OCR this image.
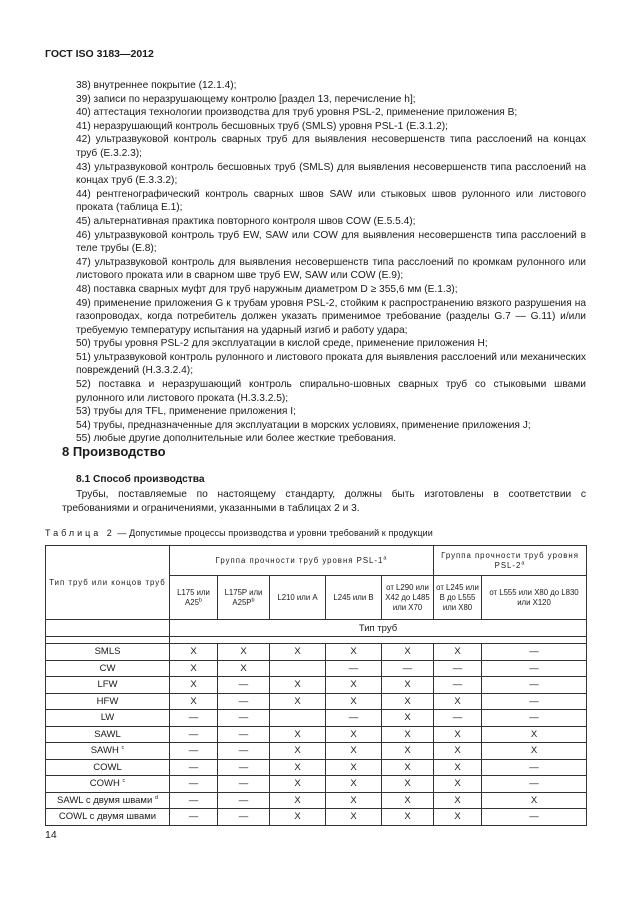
ГОСТ ISO 3183—2012

38) внутреннее покрытие (12.1.4);

39) записи по неразрушающему контролю [раздел 13, перечисление h];

40) аттестация технологии производства для труб уровня PSL-2, применение приложения B;

41) неразрушающий контроль бесшовных труб (SMLS) уровня PSL-1 (E.3.1.2);

42) ультразвуковой контроль сварных труб для выявления несовершенств типа расслоений на концах труб (E.3.2.3);

43) ультразвуковой контроль бесшовных труб (SMLS) для выявления несовершенств типа расслоений на концах труб (E.3.3.2);

44) рентгенографический контроль сварных швов SAW или стыковых швов рулонного или листового проката (таблица E.1);

45) альтернативная практика повторного контроля швов COW (E.5.5.4);

46) ультразвуковой контроль труб EW, SAW или COW для выявления несовершенств типа расслоений в теле трубы (E.8);

47) ультразвуковой контроль для выявления несовершенств типа расслоений по кромкам рулонного или листового проката или в сварном шве труб EW, SAW или COW (E.9);

48) поставка сварных муфт для труб наружным диаметром D ≥ 355,6 мм (E.1.3);

49) применение приложения G к трубам уровня PSL-2, стойким к распространению вязкого разрушения на газопроводах, когда потребитель должен указать применимое требование (разделы G.7 — G.11) и/или требуемую температуру испытания на ударный изгиб и работу удара;

50) трубы уровня PSL-2 для эксплуатации в кислой среде, применение приложения H;

51) ультразвуковой контроль рулонного и листового проката для выявления расслоений или механических повреждений (H.3.3.2.4);

52) поставка и неразрушающий контроль спирально-шовных сварных труб со стыковыми швами рулонного или листового проката (H.3.3.2.5);

53) трубы для TFL, применение приложения I;

54) трубы, предназначенные для эксплуатации в морских условиях, применение приложения J;

55) любые другие дополнительные или более жесткие требования.

8 Производство
8.1 Способ производства
Трубы, поставляемые по настоящему стандарту, должны быть изготовлены в соответствии с требованиями и ограничениями, указанными в таблицах 2 и 3.
Таблица 2 — Допустимые процессы производства и уровни требований к продукции
Тип труб или концов труб	Группа прочности труб уровня PSL-1$^a$					Группа прочности труб уровня PSL-2$^a$
	L175 или A25$^b$	L175P или $A25P^b$	L210 или A	L245 или B	от L290 или X42 до L485 или X70	от L245 или B до L555 или X80	от L555 или X80 до L830 или X120
	Тип труб						

SMLS	X	X	X	X	X	X	—
CW	X	X		—	—	—	—
LFW	X	—	X	X	X	—	—
HFW	X	—	X	X	X	X	—
LW	—	—		—	X	—	—
SAWL	—	—	X	X	X	X	X
SAWH $^c$	—	—	X	X	X	X	X
COWL	—	—	X	X	X	X	—
COWH $^c$	—	—	X	X	X	X	—
SAWL с двумя швами $^d$	—	—	X	X	X	X	X
COWL с двумя швами	—	—	X	X	X	X	—
14
